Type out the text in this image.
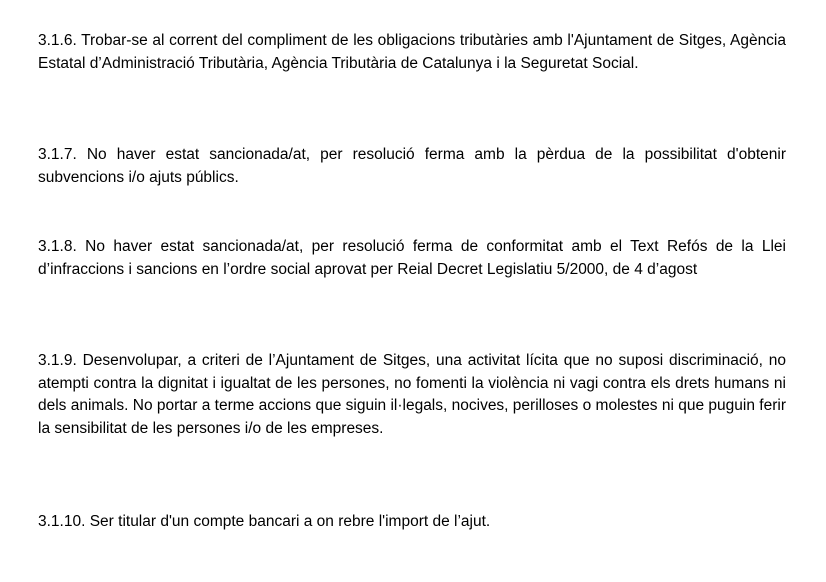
3.1.6. Trobar-se al corrent del compliment de les obligacions tributàries amb l'Ajuntament de Sitges, Agència Estatal d’Administració Tributària, Agència Tributària de Catalunya i la Seguretat Social.

3.1.7. No haver estat sancionada/at, per resolució ferma amb la pèrdua de la possibilitat d'obtenir subvencions i/o ajuts públics.

3.1.8. No haver estat sancionada/at, per resolució ferma de conformitat amb el Text Refós de la Llei d’infraccions i sancions en l’ordre social aprovat per Reial Decret Legislatiu 5/2000, de 4 d’agost

3.1.9. Desenvolupar, a criteri de l’Ajuntament de Sitges, una activitat lícita que no suposi discriminació, no atempti contra la dignitat i igualtat de les persones, no fomenti la violència ni vagi contra els drets humans ni dels animals. No portar a terme accions que siguin il·legals, nocives, perilloses o molestes ni que puguin ferir la sensibilitat de les persones i/o de les empreses.

3.1.10. Ser titular d'un compte bancari a on rebre l'import de l’ajut.
